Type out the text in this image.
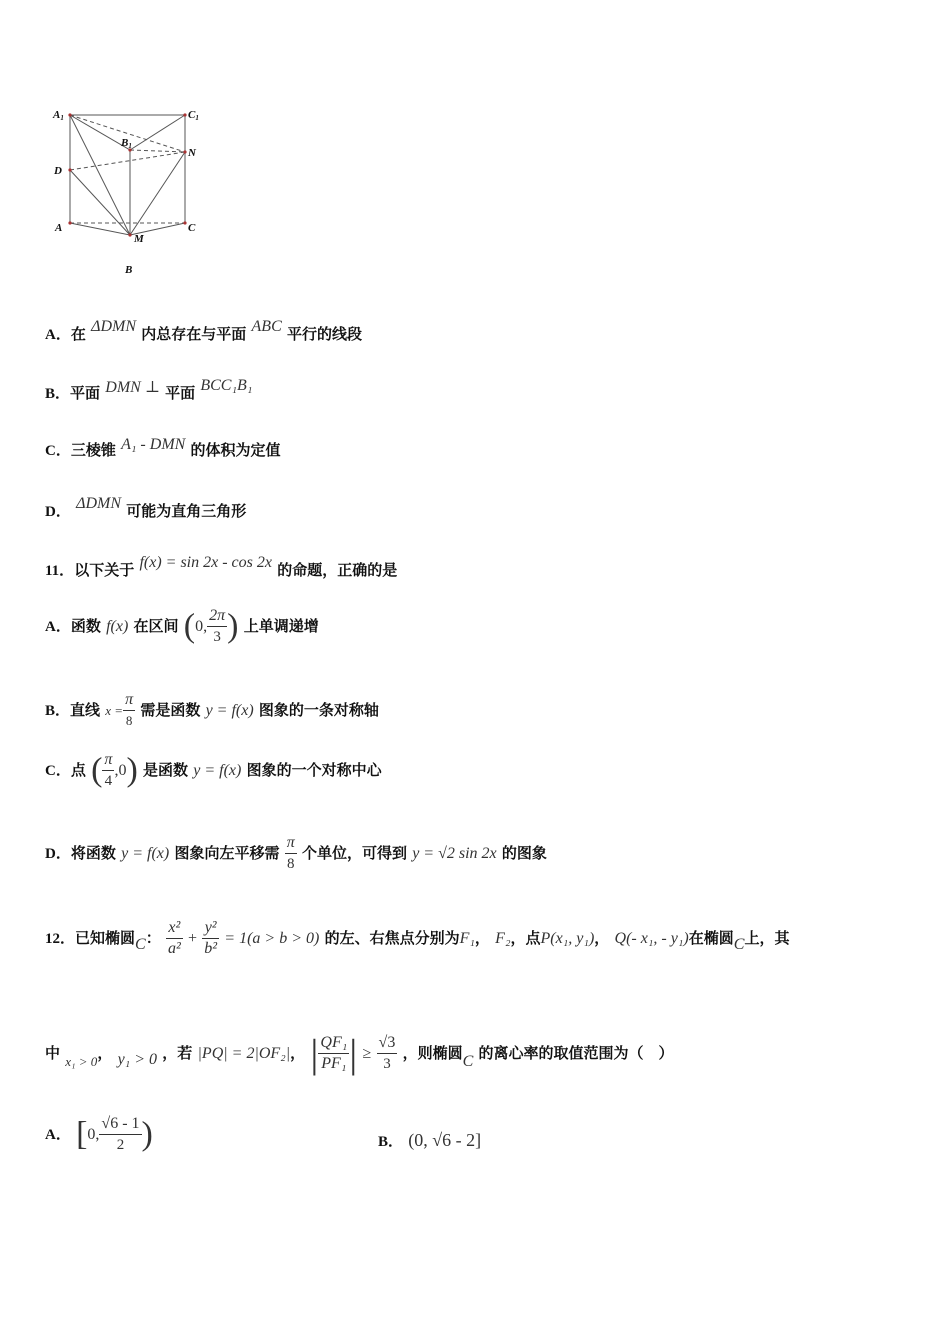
A1	C1
B1
D
N
A
M
C
B
A．在 ΔDMN 内总存在与平面 ABC 平行的线段
B．平面 DMN ⊥ 平面 BCC₁B₁
C．三棱锥 A₁ - DMN 的体积为定值
D． ΔDMN 可能为直角三角形
11．以下关于 f(x) = sin 2x - cos 2x 的命题，正确的是
A．函数 f(x) 在区间 (0, $\frac{2\pi}{3}$ ) 上单调递增
B．直线 $x = \frac{\pi}{8}$ 需是函数 y = f(x) 图象的一条对称轴
C．点 ( $\frac{\pi}{4} ,0$) 是函数 y = f(x) 图象的一个对称中心
D．将函数 y = f(x) 图象向左平移需 $\frac{\pi}{8}$ 个单位，可得到 y = √2 sin 2x 的图象
12．已知椭圆C： $\frac{\text{x²}}{\text{a²}} + \frac{\text{y²}}{\text{b²}} = 1(a > b > 0)$ 的左、右焦点分别为F₁， F₂，点P(x₁, y₁)， Q(- x₁, - y₁)在椭圆C上，其
中 x₁ > 0， y₁ > 0 ，若 |PQ| = 2|OF₂|， | $\frac{\text{QF₁}}{\text{PF₁}}$ | ≥ $\frac{√3}{3}$ ，则椭圆C 的离心率的取值范围为（　）
A． [0, $\frac{√6 - 1}{2}$ )	B． (0, √6 - 2]
